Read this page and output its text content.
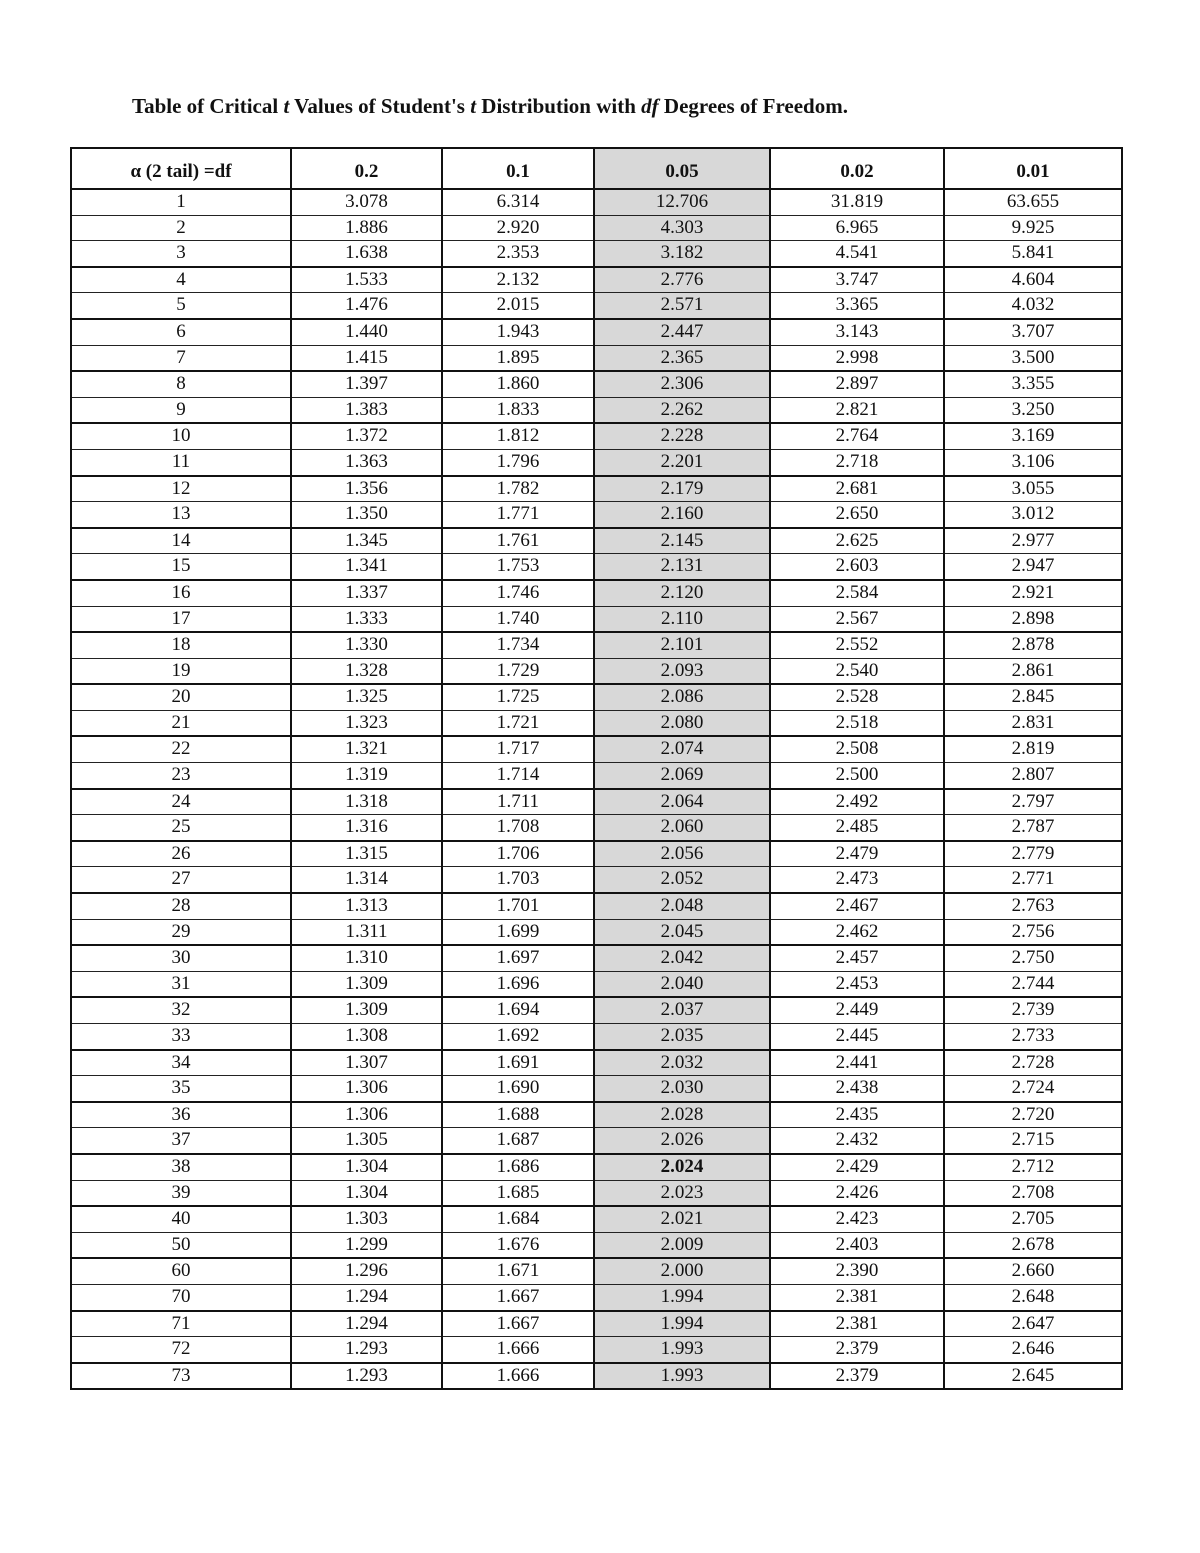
Table of Critical t Values of Student's t Distribution with df Degrees of Freedom.
α (2 tail) =df	0.2	0.1	0.05	0.02	0.01
1	3.078	6.314	12.706	31.819	63.655
2	1.886	2.920	4.303	6.965	9.925
3	1.638	2.353	3.182	4.541	5.841
4	1.533	2.132	2.776	3.747	4.604
5	1.476	2.015	2.571	3.365	4.032
6	1.440	1.943	2.447	3.143	3.707
7	1.415	1.895	2.365	2.998	3.500
8	1.397	1.860	2.306	2.897	3.355
9	1.383	1.833	2.262	2.821	3.250
10	1.372	1.812	2.228	2.764	3.169
11	1.363	1.796	2.201	2.718	3.106
12	1.356	1.782	2.179	2.681	3.055
13	1.350	1.771	2.160	2.650	3.012
14	1.345	1.761	2.145	2.625	2.977
15	1.341	1.753	2.131	2.603	2.947
16	1.337	1.746	2.120	2.584	2.921
17	1.333	1.740	2.110	2.567	2.898
18	1.330	1.734	2.101	2.552	2.878
19	1.328	1.729	2.093	2.540	2.861
20	1.325	1.725	2.086	2.528	2.845
21	1.323	1.721	2.080	2.518	2.831
22	1.321	1.717	2.074	2.508	2.819
23	1.319	1.714	2.069	2.500	2.807
24	1.318	1.711	2.064	2.492	2.797
25	1.316	1.708	2.060	2.485	2.787
26	1.315	1.706	2.056	2.479	2.779
27	1.314	1.703	2.052	2.473	2.771
28	1.313	1.701	2.048	2.467	2.763
29	1.311	1.699	2.045	2.462	2.756
30	1.310	1.697	2.042	2.457	2.750
31	1.309	1.696	2.040	2.453	2.744
32	1.309	1.694	2.037	2.449	2.739
33	1.308	1.692	2.035	2.445	2.733
34	1.307	1.691	2.032	2.441	2.728
35	1.306	1.690	2.030	2.438	2.724
36	1.306	1.688	2.028	2.435	2.720
37	1.305	1.687	2.026	2.432	2.715
38	1.304	1.686	2.024	2.429	2.712
39	1.304	1.685	2.023	2.426	2.708
40	1.303	1.684	2.021	2.423	2.705
50	1.299	1.676	2.009	2.403	2.678
60	1.296	1.671	2.000	2.390	2.660
70	1.294	1.667	1.994	2.381	2.648
71	1.294	1.667	1.994	2.381	2.647
72	1.293	1.666	1.993	2.379	2.646
73	1.293	1.666	1.993	2.379	2.645
